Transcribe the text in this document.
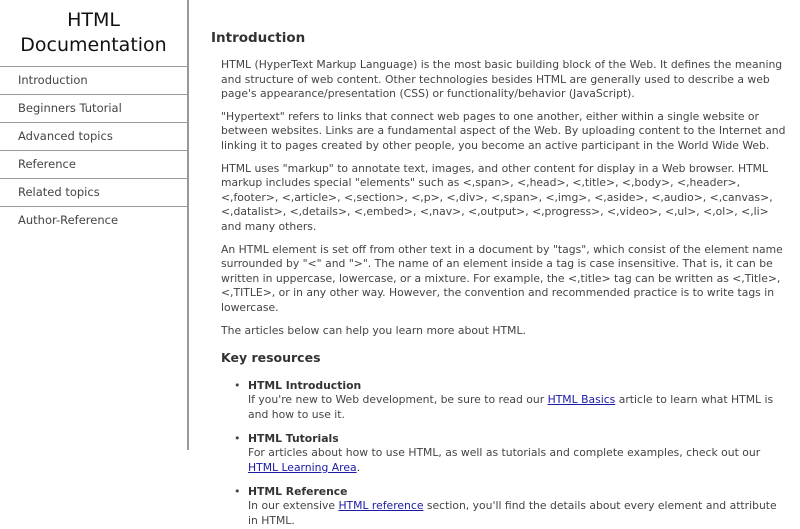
HTML
Documentation
Introduction
Beginners Tutorial
Advanced topics
Reference
Related topics
Author-Reference
Introduction

HTML (HyperText Markup Language) is the most basic building block of the Web. It defines the meaning and structure of web content. Other technologies besides HTML are generally used to describe a web page's appearance/presentation (CSS) or functionality/behavior (JavaScript).

"Hypertext" refers to links that connect web pages to one another, either within a single website or between websites. Links are a fundamental aspect of the Web. By uploading content to the Internet and linking it to pages created by other people, you become an active participant in the World Wide Web.

HTML uses "markup" to annotate text, images, and other content for display in a Web browser. HTML markup includes special "elements" such as <,span>, <,head>, <,title>, <,body>, <,header>, <,footer>, <,article>, <,section>, <,p>, <,div>, <,span>, <,img>, <,aside>, <,audio>, <,canvas>, <,datalist>, <,details>, <,embed>, <,nav>, <,output>, <,progress>, <,video>, <,ul>, <,ol>, <,li> and many others.

An HTML element is set off from other text in a document by "tags", which consist of the element name surrounded by "<" and ">". The name of an element inside a tag is case insensitive. That is, it can be written in uppercase, lowercase, or a mixture. For example, the <,title> tag can be written as <,Title>, <,TITLE>, or in any other way. However, the convention and recommended practice is to write tags in lowercase.

The articles below can help you learn more about HTML.

Key resources
• HTML Introduction
If you're new to Web development, be sure to read our HTML Basics article to learn what HTML is and how to use it.
• HTML Tutorials
For articles about how to use HTML, as well as tutorials and complete examples, check out our HTML Learning Area.
• HTML Reference
In our extensive HTML reference section, you'll find the details about every element and attribute in HTML.
